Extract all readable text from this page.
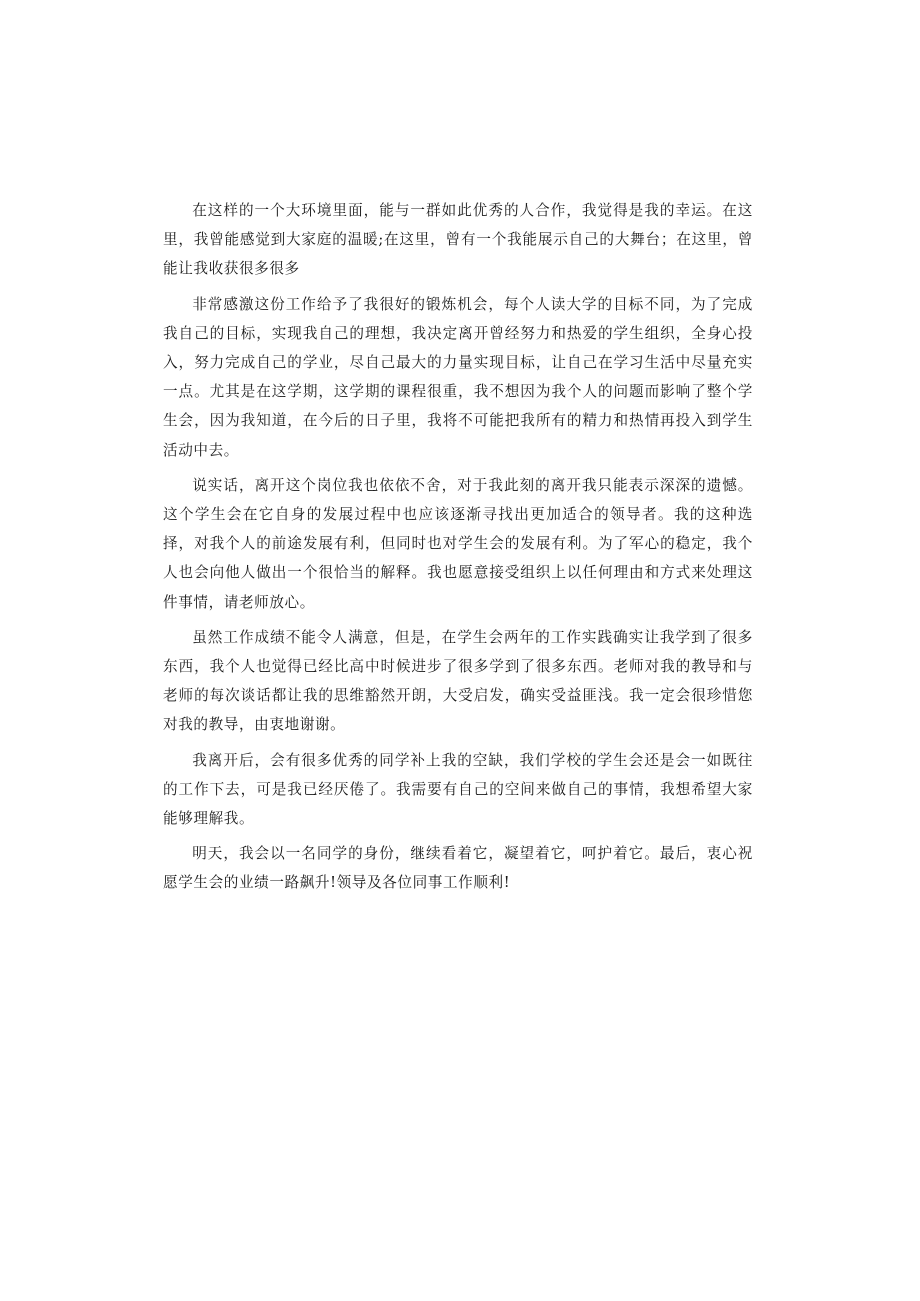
在这样的一个大环境里面，能与一群如此优秀的人合作，我觉得是我的幸运。在这里，我曾能感觉到大家庭的温暖;在这里，曾有一个我能展示自己的大舞台；在这里，曾能让我收获很多很多

非常感激这份工作给予了我很好的锻炼机会，每个人读大学的目标不同，为了完成我自己的目标，实现我自己的理想，我决定离开曾经努力和热爱的学生组织，全身心投入，努力完成自己的学业，尽自己最大的力量实现目标，让自己在学习生活中尽量充实一点。尤其是在这学期，这学期的课程很重，我不想因为我个人的问题而影响了整个学生会，因为我知道，在今后的日子里，我将不可能把我所有的精力和热情再投入到学生活动中去。

说实话，离开这个岗位我也依依不舍，对于我此刻的离开我只能表示深深的遗憾。这个学生会在它自身的发展过程中也应该逐渐寻找出更加适合的领导者。我的这种选择，对我个人的前途发展有利，但同时也对学生会的发展有利。为了军心的稳定，我个人也会向他人做出一个很恰当的解释。我也愿意接受组织上以任何理由和方式来处理这件事情，请老师放心。

虽然工作成绩不能令人满意，但是，在学生会两年的工作实践确实让我学到了很多东西，我个人也觉得已经比高中时候进步了很多学到了很多东西。老师对我的教导和与老师的每次谈话都让我的思维豁然开朗，大受启发，确实受益匪浅。我一定会很珍惜您对我的教导，由衷地谢谢。

我离开后，会有很多优秀的同学补上我的空缺，我们学校的学生会还是会一如既往的工作下去，可是我已经厌倦了。我需要有自己的空间来做自己的事情，我想希望大家能够理解我。

明天，我会以一名同学的身份，继续看着它，凝望着它，呵护着它。最后，衷心祝愿学生会的业绩一路飙升!领导及各位同事工作顺利!
